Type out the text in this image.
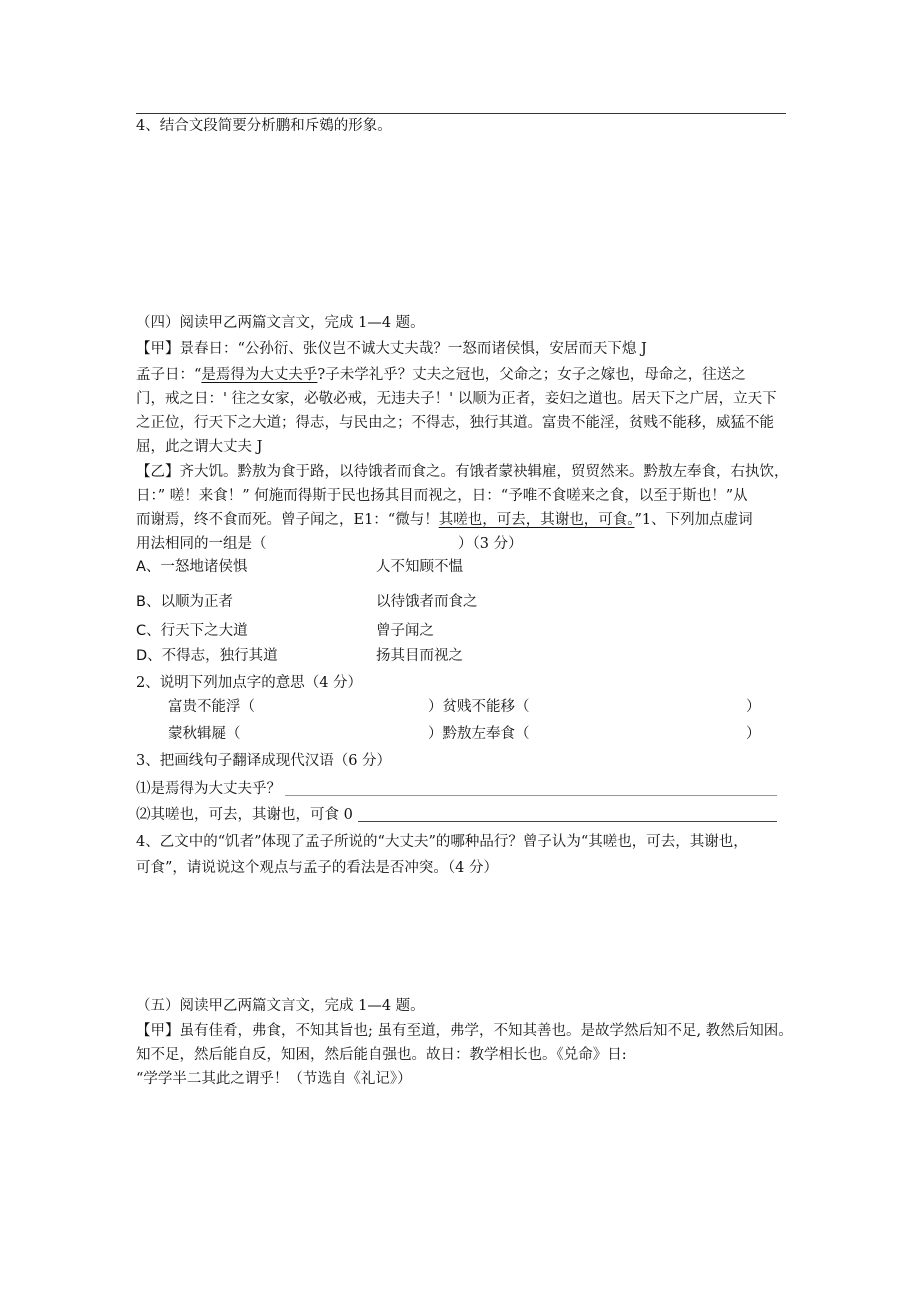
4、结合文段简要分析鹏和斥鴳的形象。
（四）阅读甲乙两篇文言文，完成 1—4 题。
【甲】景春日：“公孙衍、张仪岂不诚大丈夫哉？一怒而诸侯惧，安居而天下熄 J
孟子日：“是焉得为大丈夫乎?子未学礼乎？丈夫之冠也，父命之；女子之嫁也，母命之，往送之
门，戒之日：' 往之女家，必敬必戒，无违夫子！' 以顺为正者，妾妇之道也。居天下之广居，立天下
之正位，行天下之大道；得志，与民由之；不得志，独行其道。富贵不能淫，贫贱不能移，威猛不能
屈，此之谓大丈夫 J
【乙】齐大饥。黔敖为食于路，以待饿者而食之。有饿者蒙袂辑雇，贸贸然来。黔敖左奉食，右执饮，
日：” 嗟！来食！” 何施而得斯于民也扬其目而视之，日：“予唯不食嗟来之食，以至于斯也！”从
而谢焉，终不食而死。曾子闻之，E1：“微与！其嗟也，可去，其谢也，可食。”1、下列加点虚词
用法相同的一组是（	）（3 分）
A、一怒地诸侯惧	人不知顾不愠
B、以顺为正者	以待饿者而食之
C、行天下之大道	曾子闻之
D、不得志，独行其道	扬其目而视之
2、说明下列加点字的意思（4 分）
富贵不能浮（	）贫贱不能移（	）
蒙秋辑屣（	）黔敖左奉食（	）
3、把画线句子翻译成现代汉语（6 分）
⑴是焉得为大丈夫乎？
⑵其嗟也，可去，其谢也，可食 0
4、乙文中的“饥者”体现了孟子所说的“大丈夫”的哪种品行？曾子认为“其嗟也，可去，其谢也，
可食”，请说说这个观点与孟子的看法是否冲突。（4 分）
（五）阅读甲乙两篇文言文，完成 1—4 题。
【甲】虽有佳肴，弗食，不知其旨也; 虽有至道，弗学，不知其善也。是故学然后知不足, 教然后知困。
知不足，然后能自反，知困，然后能自强也。故日：教学相长也。《兑命》日:
“学学半二其此之谓乎！（节选自《礼记》）
